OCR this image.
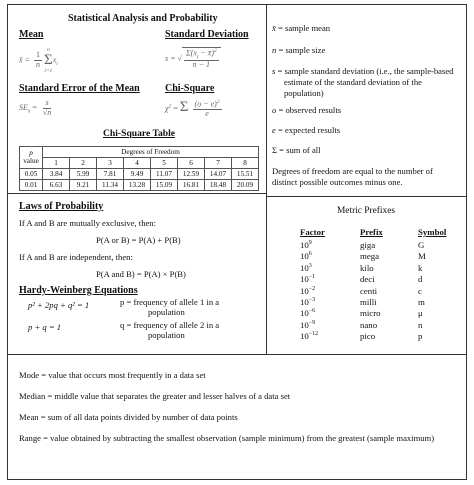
Statistical Analysis and Probability
Mean
x̄ = $\frac{1}{n}$
n
Σ
i=1
$x_i$
Standard Deviation
s = √ $\frac{\Sigma(x_i - x̄)^2}{n - 1}$
Standard Error of the Mean
$SE_{x̄} = \frac{s}{√n}$
Chi-Square
$\chi^2 = \Sigma \frac{(o - e)^2}{e}$
Chi-Square Table
p
value	Degrees of Freedom							
	1	2	3	4	5	6	7	8
0.05	3.84	5.99	7.81	9.49	11.07	12.59	14.07	15.51
0.01	6.63	9.21	11.34	13.28	15.09	16.81	18.48	20.09
x̄ = sample mean
n = sample size
s = sample standard deviation (i.e., the sample-based
estimate of the standard deviation of the
population)
o = observed results
e = expected results
Σ = sum of all
Degrees of freedom are equal to the number of
distinct possible outcomes minus one.
Laws of Probability
If A and B are mutually exclusive, then:
P(A or B) = P(A) + P(B)
If A and B are independent, then:
P(A and B) = P(A) × P(B)
Hardy-Weinberg Equations
p² + 2pq + q² = 1
p + q = 1
p = frequency of allele 1 in a
population
q = frequency of allele 2 in a
population
Metric Prefixes
Factor	Prefix	Symbol
$10^9$	giga	G
$10^6$	mega	M
$10^3$	kilo	k
$10^{-1}$	deci	d
$10^{-2}$	centi	c
$10^{-3}$	milli	m
$10^{-6}$	micro	μ
$10^{-9}$	nano	n
$10^{-12}$	pico	p
Mode = value that occurs most frequently in a data set
Median = middle value that separates the greater and lesser halves of a data set
Mean = sum of all data points divided by number of data points
Range = value obtained by subtracting the smallest observation (sample minimum) from the greatest (sample maximum)
